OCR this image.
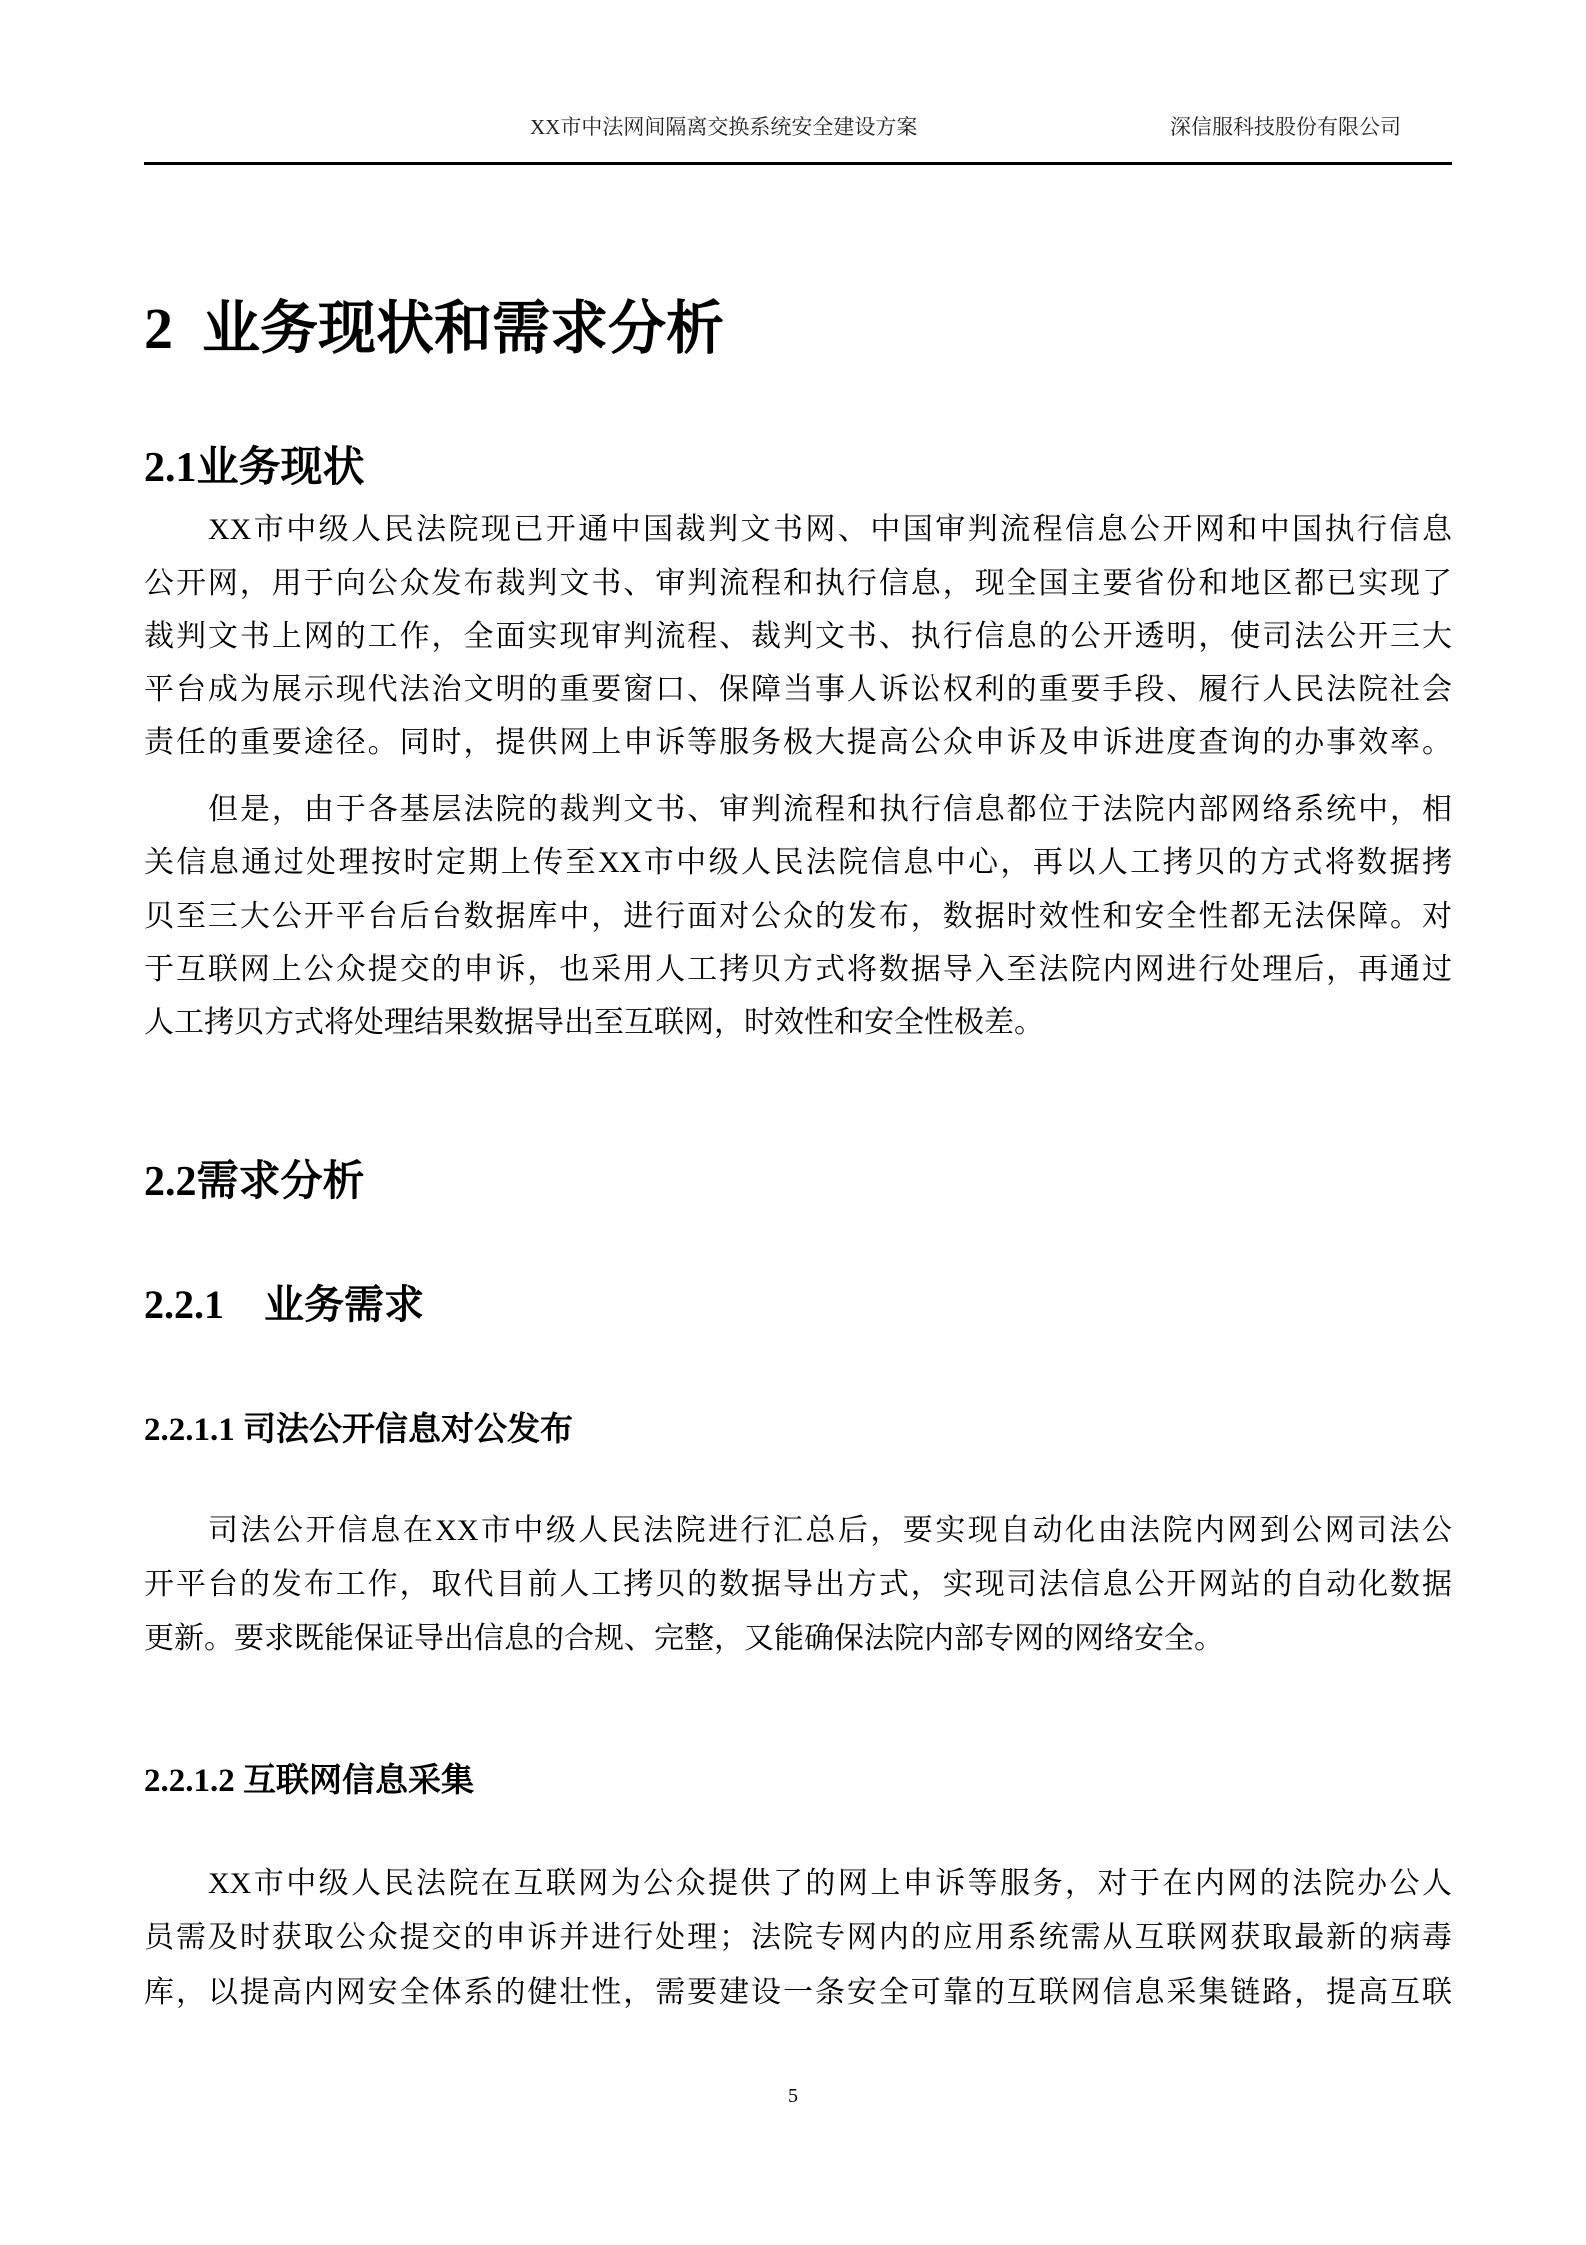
XX市中法网间隔离交换系统安全建设方案	深信服科技股份有限公司
2  业务现状和需求分析
2.1业务现状
XX市中级人民法院现已开通中国裁判文书网、中国审判流程信息公开网和中国执行信息
公开网，用于向公众发布裁判文书、审判流程和执行信息，现全国主要省份和地区都已实现了
裁判文书上网的工作，全面实现审判流程、裁判文书、执行信息的公开透明，使司法公开三大
平台成为展示现代法治文明的重要窗口、保障当事人诉讼权利的重要手段、履行人民法院社会
责任的重要途径。同时，提供网上申诉等服务极大提高公众申诉及申诉进度查询的办事效率。
但是，由于各基层法院的裁判文书、审判流程和执行信息都位于法院内部网络系统中，相
关信息通过处理按时定期上传至XX市中级人民法院信息中心，再以人工拷贝的方式将数据拷
贝至三大公开平台后台数据库中，进行面对公众的发布，数据时效性和安全性都无法保障。对
于互联网上公众提交的申诉，也采用人工拷贝方式将数据导入至法院内网进行处理后，再通过
人工拷贝方式将处理结果数据导出至互联网，时效性和安全性极差。
2.2需求分析
2.2.1    业务需求
2.2.1.1 司法公开信息对公发布
司法公开信息在XX市中级人民法院进行汇总后，要实现自动化由法院内网到公网司法公
开平台的发布工作，取代目前人工拷贝的数据导出方式，实现司法信息公开网站的自动化数据
更新。要求既能保证导出信息的合规、完整，又能确保法院内部专网的网络安全。
2.2.1.2 互联网信息采集
XX市中级人民法院在互联网为公众提供了的网上申诉等服务，对于在内网的法院办公人
员需及时获取公众提交的申诉并进行处理；法院专网内的应用系统需从互联网获取最新的病毒
库，以提高内网安全体系的健壮性，需要建设一条安全可靠的互联网信息采集链路，提高互联
5
